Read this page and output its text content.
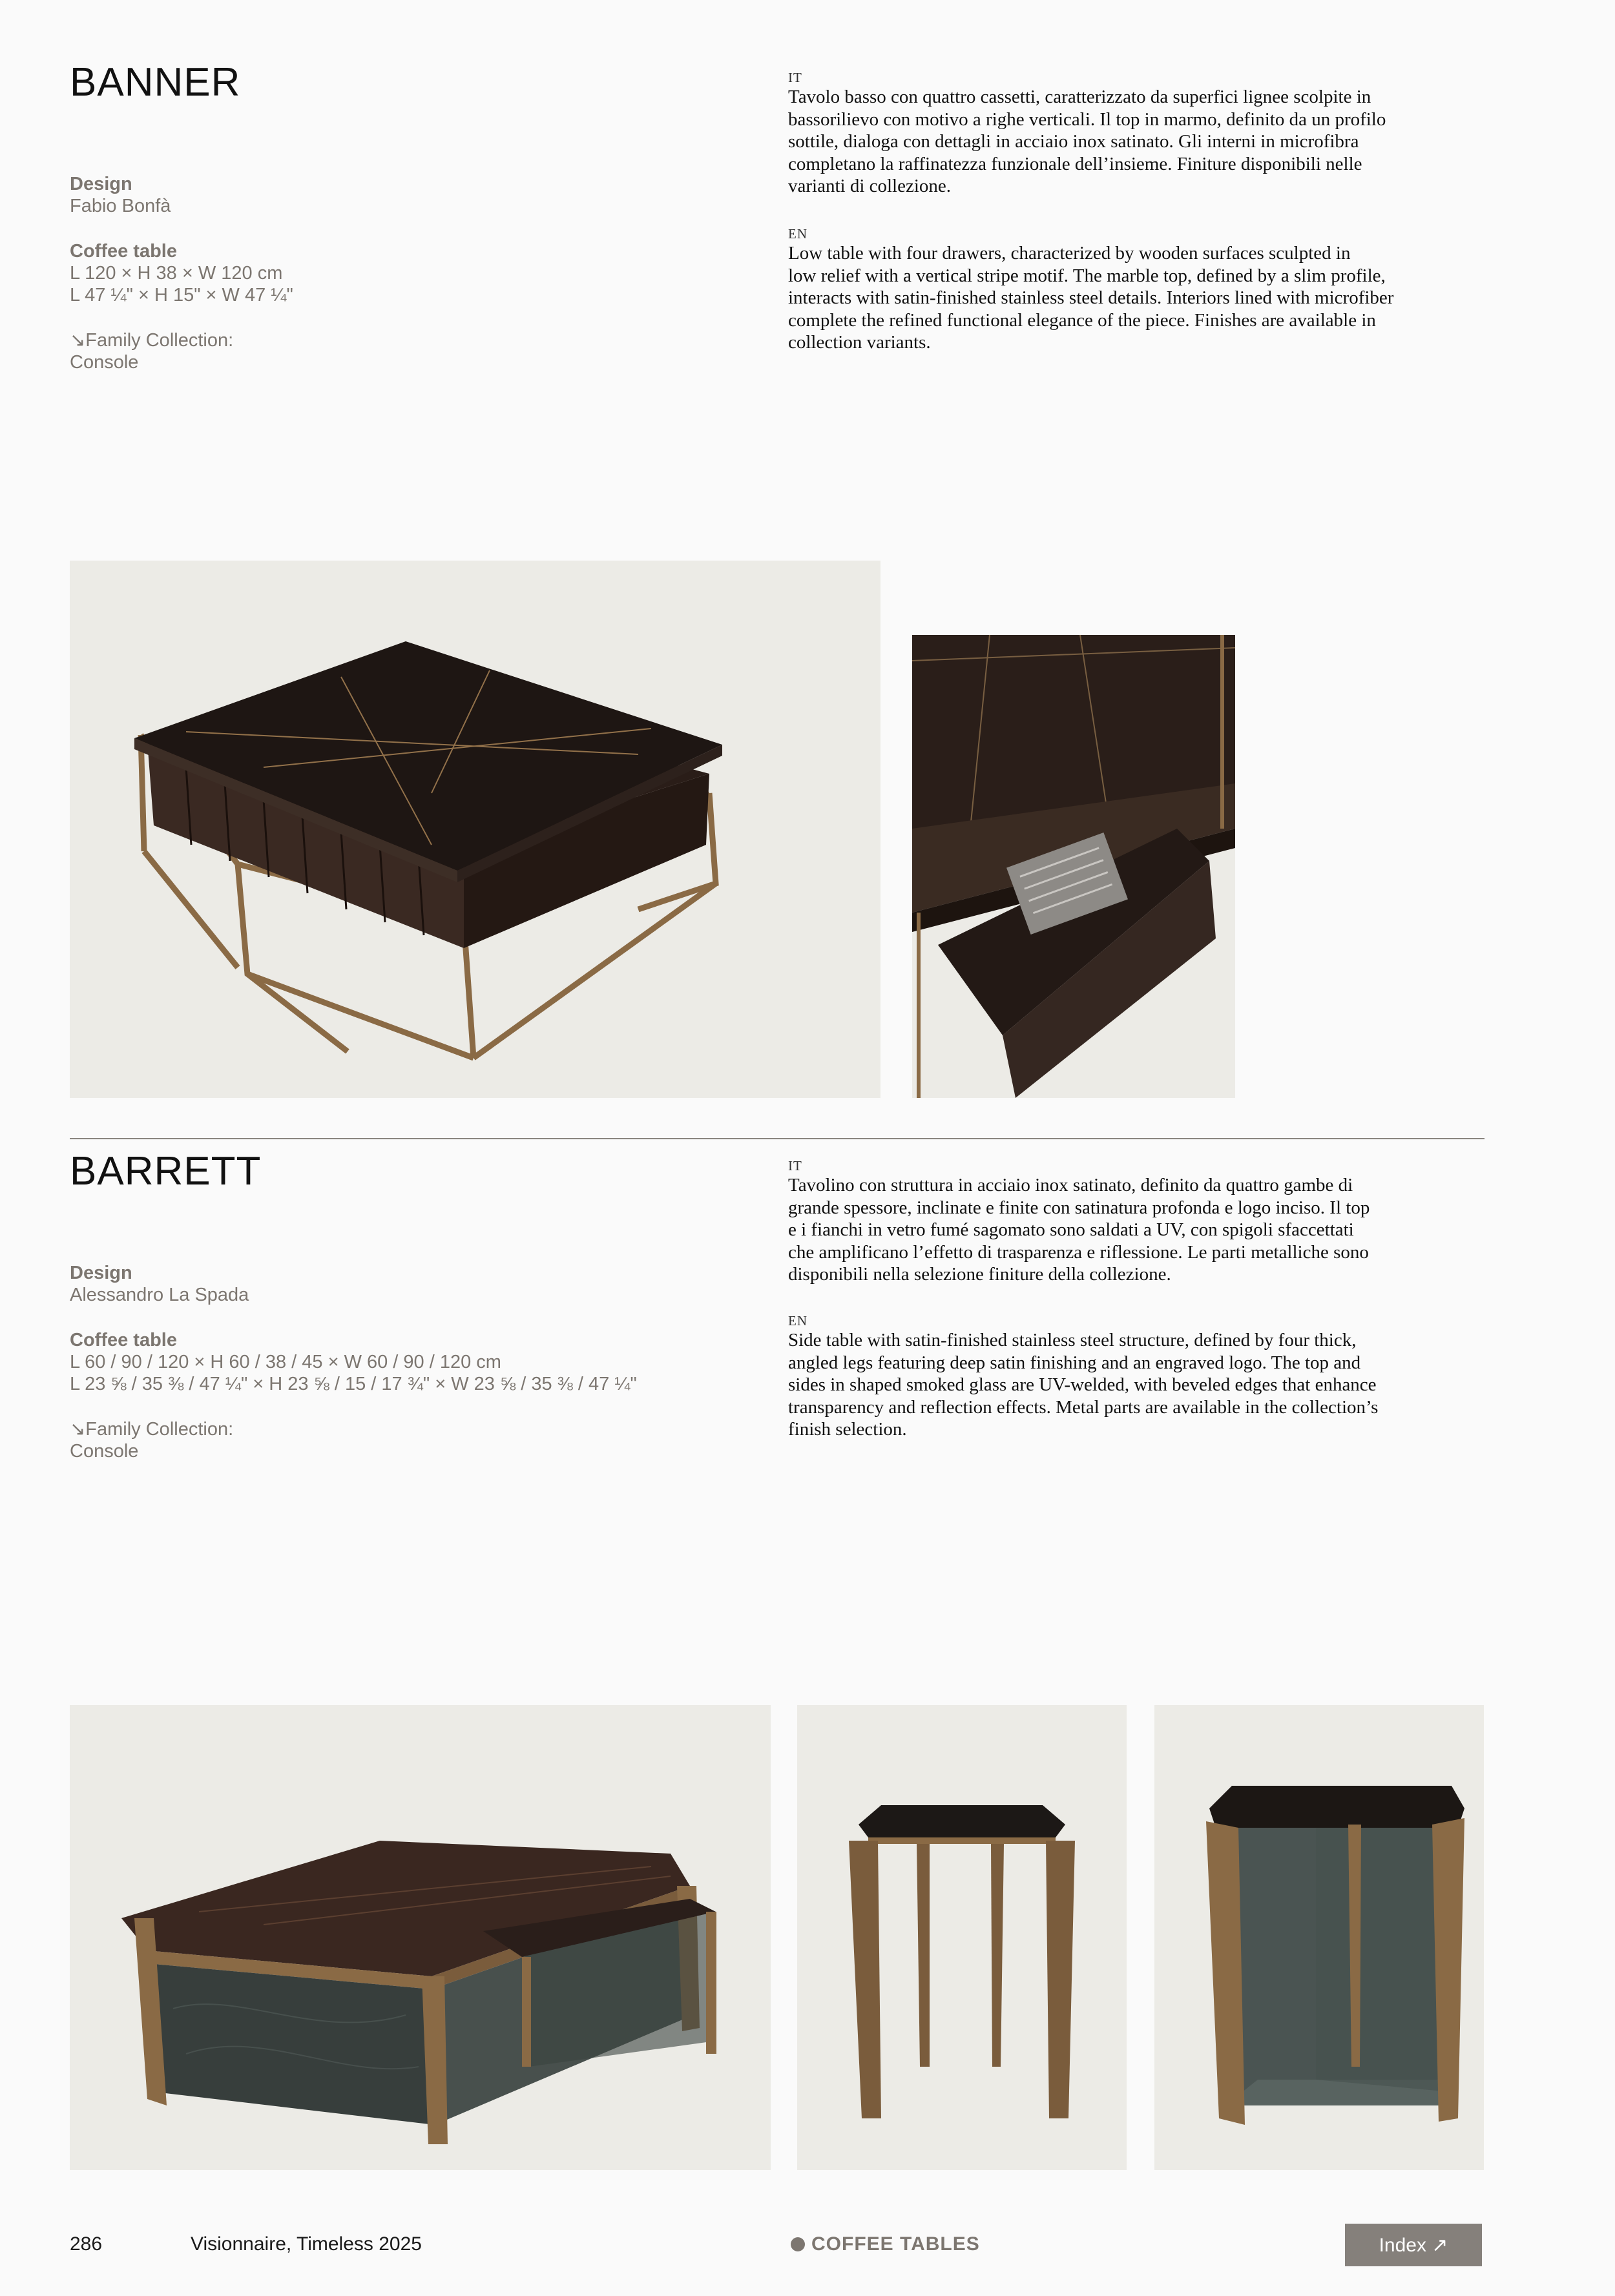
BANNER
Design
Fabio Bonfà
Coffee table
L 120 × H 38 × W 120 cm
L 47 ¼" × H 15" × W 47 ¼"
↘Family Collection:
Console
IT
Tavolo basso con quattro cassetti, caratterizzato da superfici lignee scolpite in
bassorilievo con motivo a righe verticali. Il top in marmo, definito da un profilo
sottile, dialoga con dettagli in acciaio inox satinato. Gli interni in microfibra
completano la raffinatezza funzionale dell’insieme. Finiture disponibili nelle
varianti di collezione.
EN
Low table with four drawers, characterized by wooden surfaces sculpted in
low relief with a vertical stripe motif. The marble top, defined by a slim profile,
interacts with satin-finished stainless steel details. Interiors lined with microfiber
complete the refined functional elegance of the piece. Finishes are available in
collection variants.
BARRETT
Design
Alessandro La Spada
Coffee table
L 60 / 90 / 120 × H 60 / 38 / 45 × W 60 / 90 / 120 cm
L 23 ⅝ / 35 ⅜ / 47 ¼" × H 23 ⅝ / 15 / 17 ¾" × W 23 ⅝ / 35 ⅜ / 47 ¼"
↘Family Collection:
Console
IT
Tavolino con struttura in acciaio inox satinato, definito da quattro gambe di
grande spessore, inclinate e finite con satinatura profonda e logo inciso. Il top
e i fianchi in vetro fumé sagomato sono saldati a UV, con spigoli sfaccettati
che amplificano l’effetto di trasparenza e riflessione. Le parti metalliche sono
disponibili nella selezione finiture della collezione.
EN
Side table with satin-finished stainless steel structure, defined by four thick,
angled legs featuring deep satin finishing and an engraved logo. The top and
sides in shaped smoked glass are UV-welded, with beveled edges that enhance
transparency and reflection effects. Metal parts are available in the collection’s
finish selection.
286	Visionnaire, Timeless 2025	COFFEE TABLES	Index ↗
